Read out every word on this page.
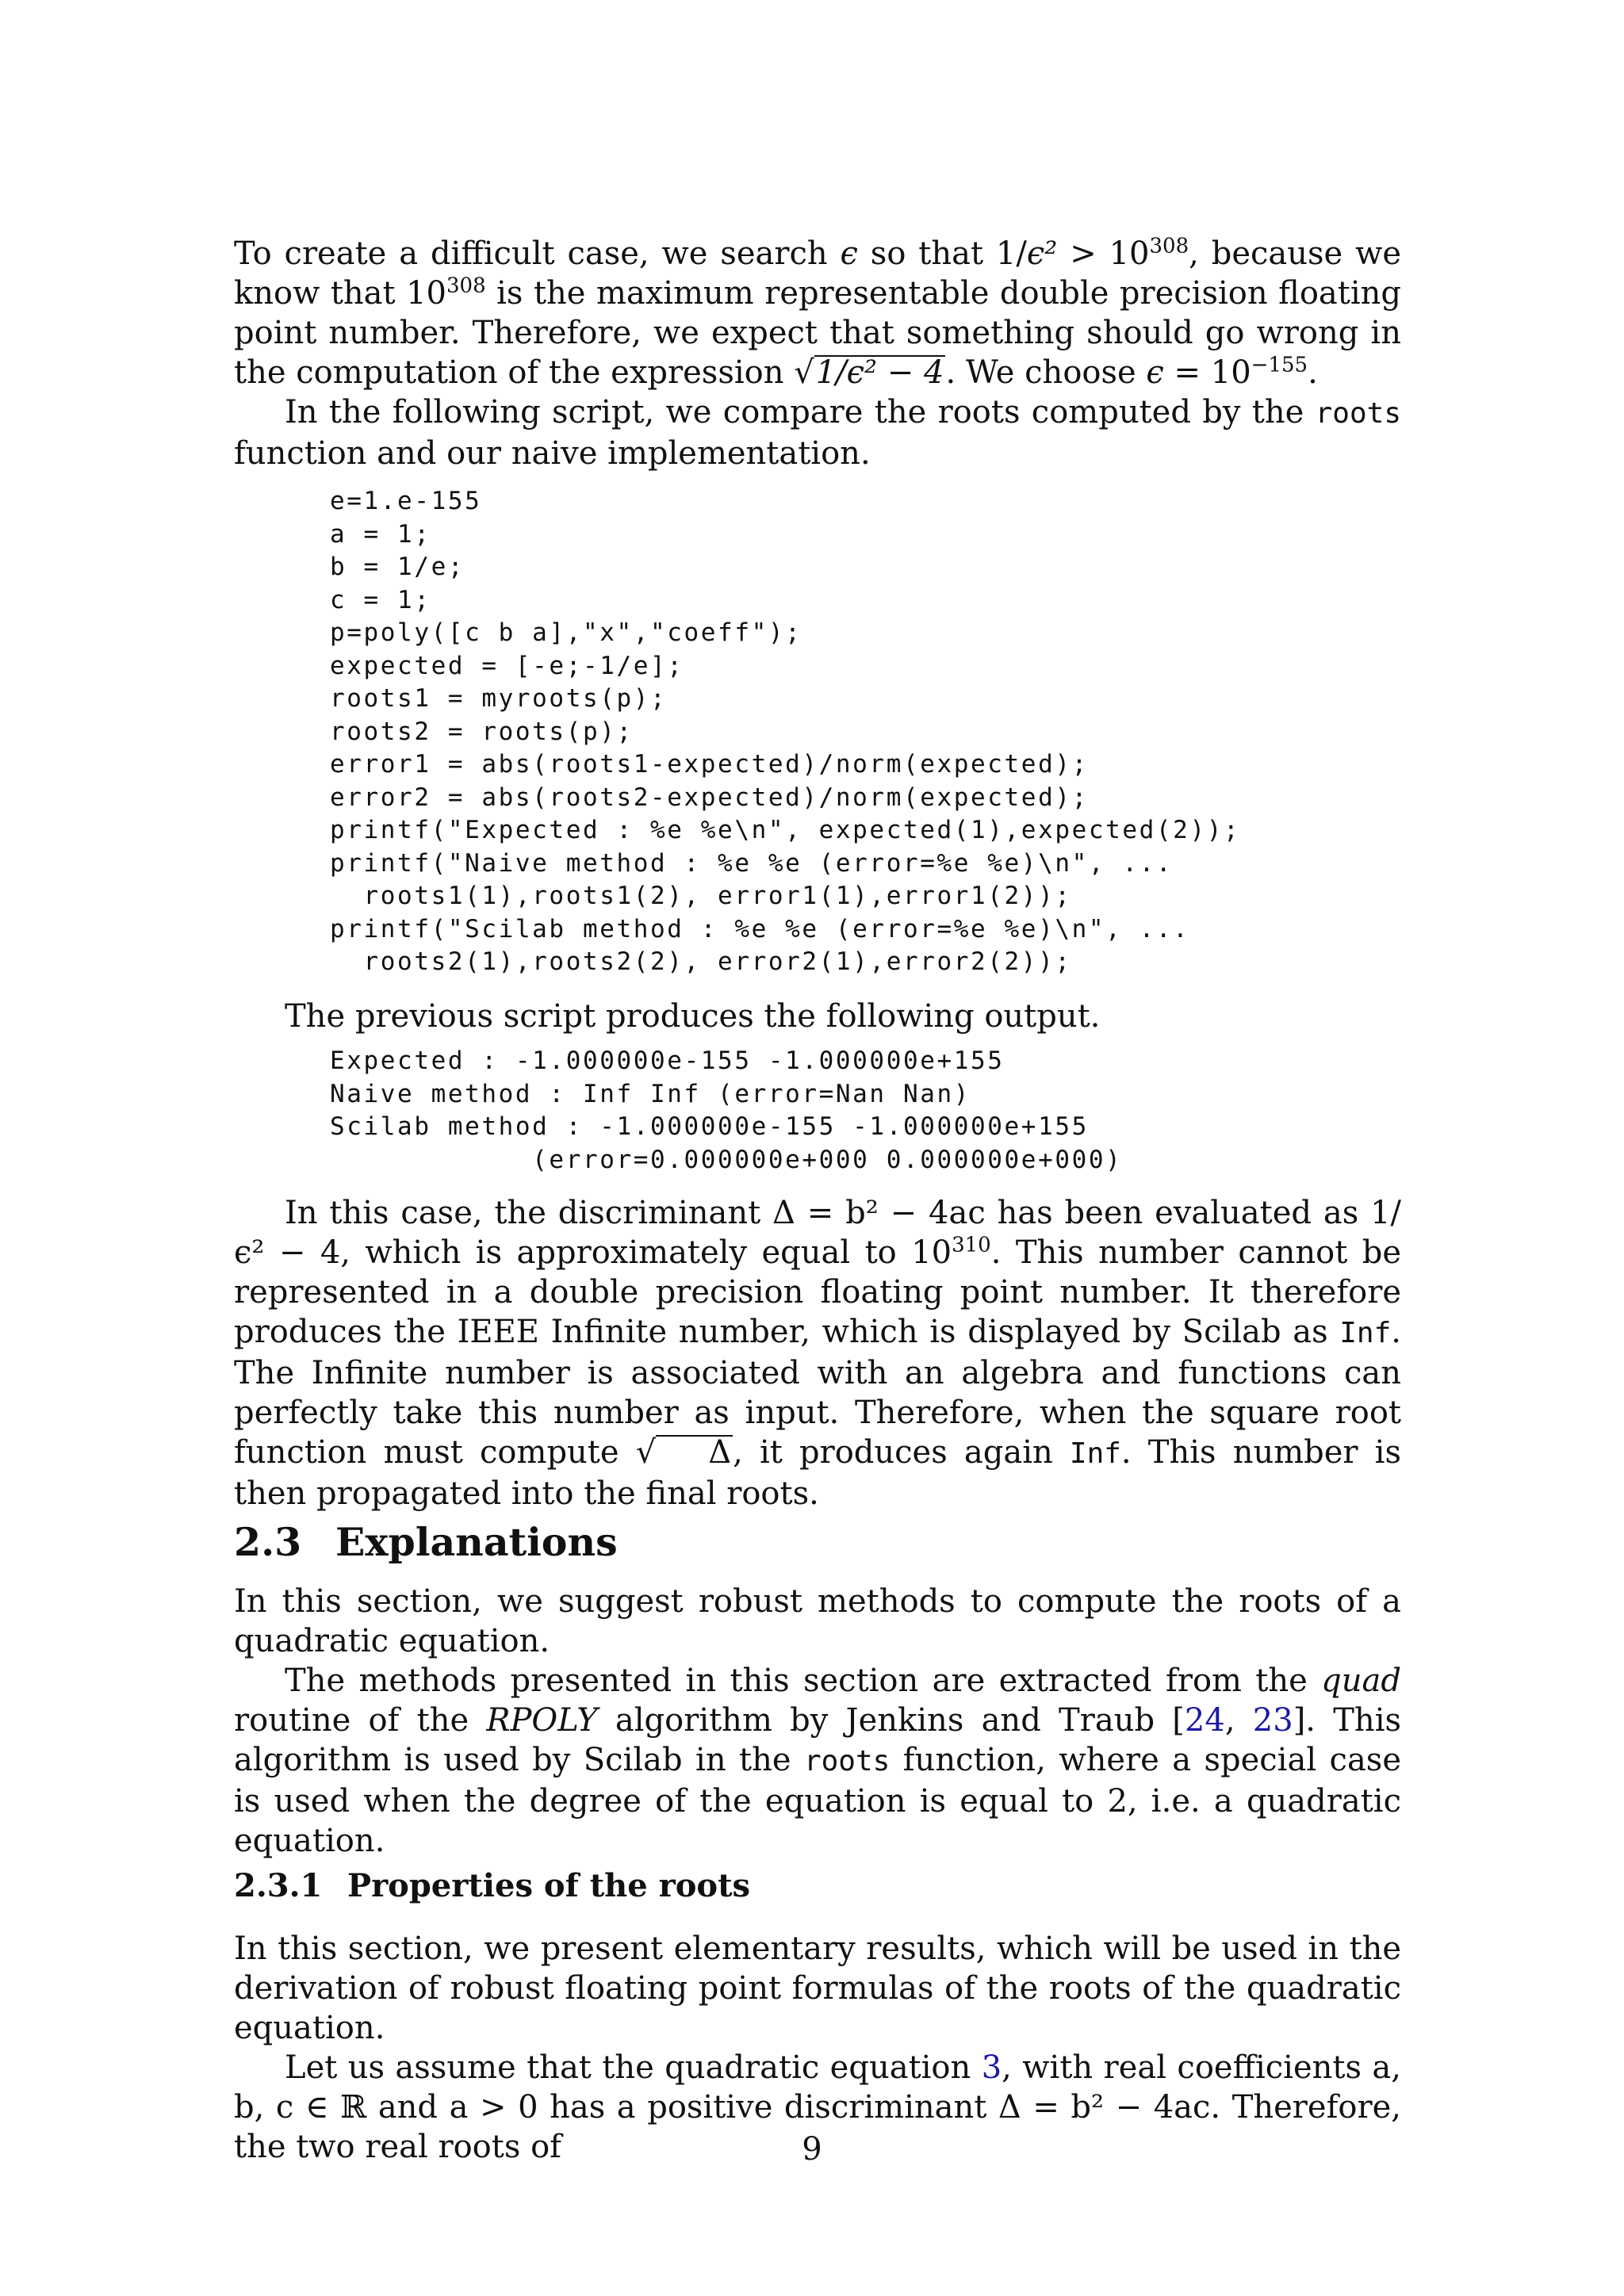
To create a difficult case, we search ϵ so that $1/\epsilon^2 > 10^{308}$, because we know that $10^{308}$ is the maximum representable double precision floating point number. Therefore, we expect that something should go wrong in the computation of the expression √1/ϵ² − 4. We choose $\epsilon = 10^{-155}$.

In the following script, we compare the roots computed by the roots function and our naive implementation.

e=1.e-155
a = 1;
b = 1/e;
c = 1;
p=poly([c b a],"x","coeff");
expected = [-e;-1/e];
roots1 = myroots(p);
roots2 = roots(p);
error1 = abs(roots1-expected)/norm(expected);
error2 = abs(roots2-expected)/norm(expected);
printf("Expected : %e %e\n", expected(1),expected(2));
printf("Naive method : %e %e (error=%e %e)\n", ...
roots1(1),roots1(2), error1(1),error1(2));
printf("Scilab method : %e %e (error=%e %e)\n", ...
roots2(1),roots2(2), error2(1),error2(2));

The previous script produces the following output.

Expected : -1.000000e-155 -1.000000e+155
Naive method : Inf Inf (error=Nan Nan)
Scilab method : -1.000000e-155 -1.000000e+155
(error=0.000000e+000 0.000000e+000)

In this case, the discriminant Δ = b² − 4ac has been evaluated as 1/ϵ² − 4, which is approximately equal to $10^{310}$. This number cannot be represented in a double precision floating point number. It therefore produces the IEEE Infinite number, which is displayed by Scilab as Inf. The Infinite number is associated with an algebra and functions can perfectly take this number as input. Therefore, when the square root function must compute √ Δ, it produces again Inf. This number is then propagated into the final roots.

2.3 Explanations

In this section, we suggest robust methods to compute the roots of a quadratic equation.

The methods presented in this section are extracted from the quad routine of the RPOLY algorithm by Jenkins and Traub [24, 23]. This algorithm is used by Scilab in the roots function, where a special case is used when the degree of the equation is equal to 2, i.e. a quadratic equation.

2.3.1 Properties of the roots

In this section, we present elementary results, which will be used in the derivation of robust floating point formulas of the roots of the quadratic equation.

Let us assume that the quadratic equation 3, with real coefficients a, b, c ∈ ℝ and a > 0 has a positive discriminant Δ = b² − 4ac. Therefore, the two real roots of	9
